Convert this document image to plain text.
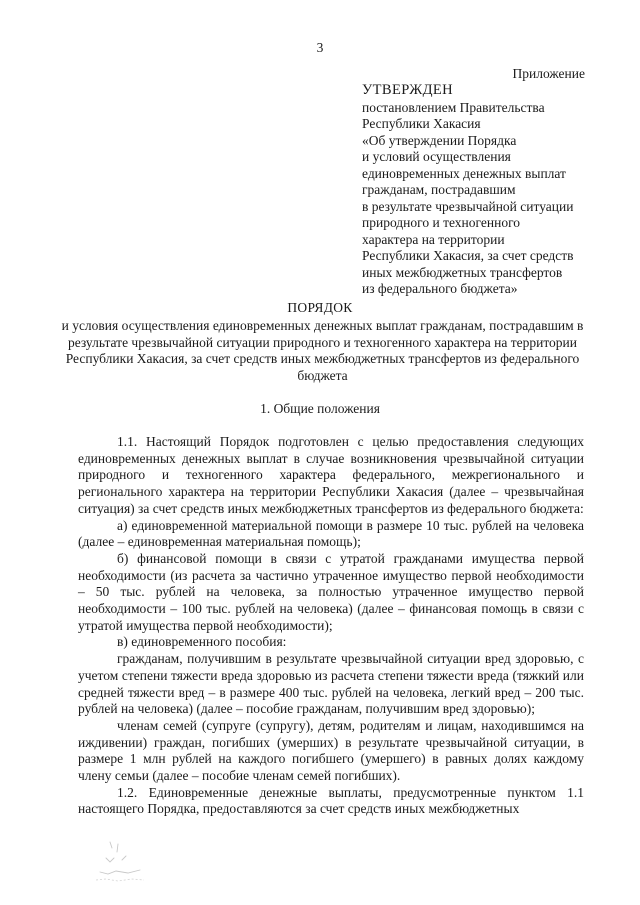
3
Приложение
УТВЕРЖДЕН
постановлением Правительства
Республики Хакасия
«Об утверждении Порядка
и условий осуществления
единовременных денежных выплат
гражданам, пострадавшим
в результате чрезвычайной ситуации
природного и техногенного
характера на территории
Республики Хакасия, за счет средств
иных межбюджетных трансфертов
из федерального бюджета»
ПОРЯДОК
и условия осуществления единовременных денежных выплат гражданам, пострадавшим в результате чрезвычайной ситуации природного и техногенного характера на территории Республики Хакасия, за счет средств иных межбюджетных трансфертов из федерального бюджета
1. Общие положения

1.1. Настоящий Порядок подготовлен с целью предоставления следующих единовременных денежных выплат в случае возникновения чрезвычайной ситуации природного и техногенного характера федерального, межрегионального и регионального характера на территории Республики Хакасия (далее – чрезвычайная ситуация) за счет средств иных межбюджетных трансфертов из федерального бюджета:

а) единовременной материальной помощи в размере 10 тыс. рублей на человека (далее – единовременная материальная помощь);

б) финансовой помощи в связи с утратой гражданами имущества первой необходимости (из расчета за частично утраченное имущество первой необходимости – 50 тыс. рублей на человека, за полностью утраченное имущество первой необходимости – 100 тыс. рублей на человека) (далее – финансовая помощь в связи с утратой имущества первой необходимости);

в) единовременного пособия:

гражданам, получившим в результате чрезвычайной ситуации вред здоровью, с учетом степени тяжести вреда здоровью из расчета степени тяжести вреда (тяжкий или средней тяжести вред – в размере 400 тыс. рублей на человека, легкий вред – 200 тыс. рублей на человека) (далее – пособие гражданам, получившим вред здоровью);

членам семей (супруге (супругу), детям, родителям и лицам, находившимся на иждивении) граждан, погибших (умерших) в результате чрезвычайной ситуации, в размере 1 млн рублей на каждого погибшего (умершего) в равных долях каждому члену семьи (далее – пособие членам семей погибших).

1.2. Единовременные денежные выплаты, предусмотренные пунктом 1.1 настоящего Порядка, предоставляются за счет средств иных межбюджетных
